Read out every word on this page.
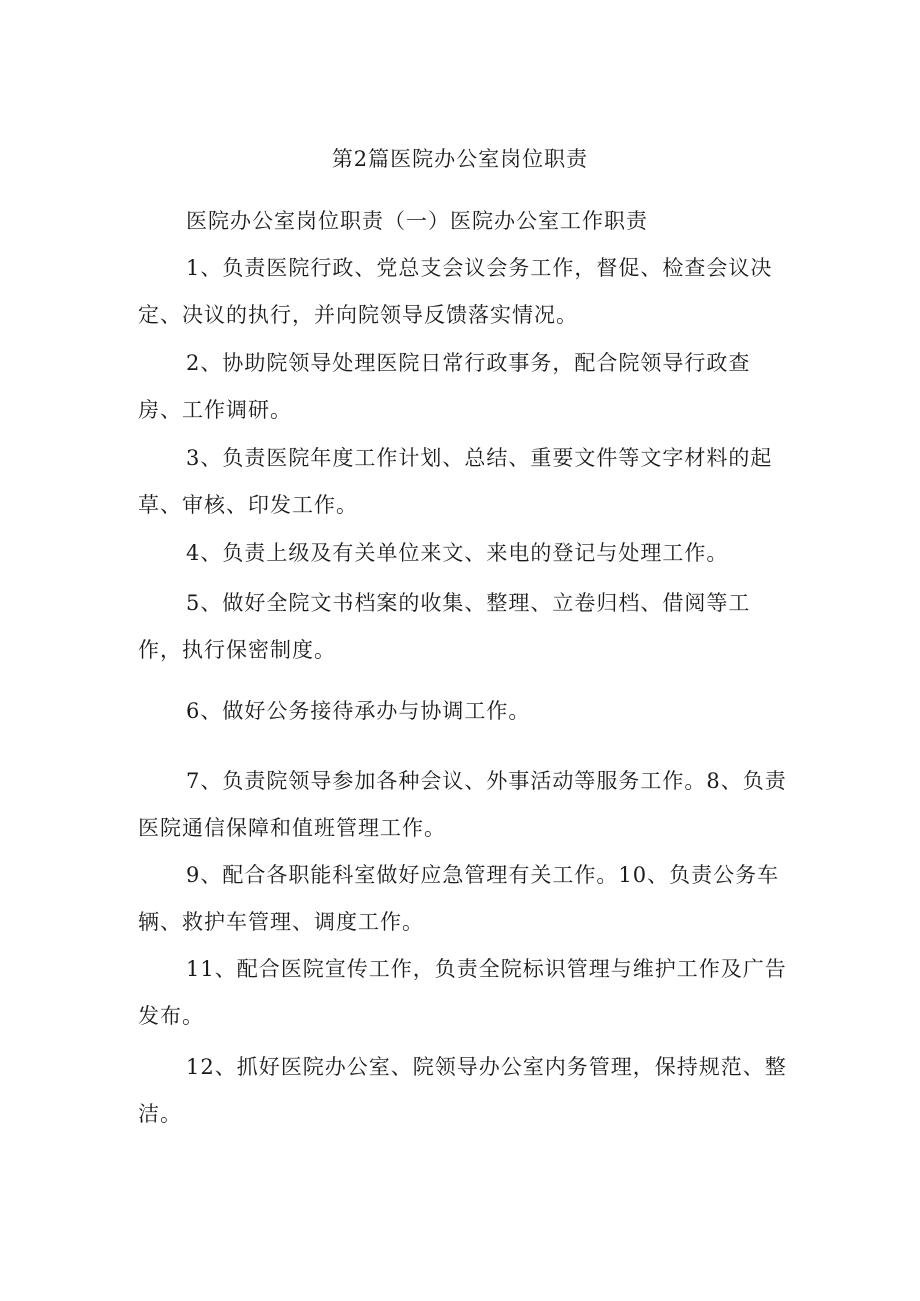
第2篇医院办公室岗位职责

医院办公室岗位职责（一）医院办公室工作职责

1、负责医院行政、党总支会议会务工作，督促、检查会议决定、决议的执行，并向院领导反馈落实情况。

2、协助院领导处理医院日常行政事务，配合院领导行政查房、工作调研。

3、负责医院年度工作计划、总结、重要文件等文字材料的起草、审核、印发工作。

4、负责上级及有关单位来文、来电的登记与处理工作。

5、做好全院文书档案的收集、整理、立卷归档、借阅等工作，执行保密制度。

6、做好公务接待承办与协调工作。

7、负责院领导参加各种会议、外事活动等服务工作。8、负责医院通信保障和值班管理工作。

9、配合各职能科室做好应急管理有关工作。10、负责公务车辆、救护车管理、调度工作。

11、配合医院宣传工作，负责全院标识管理与维护工作及广告发布。

12、抓好医院办公室、院领导办公室内务管理，保持规范、整洁。
